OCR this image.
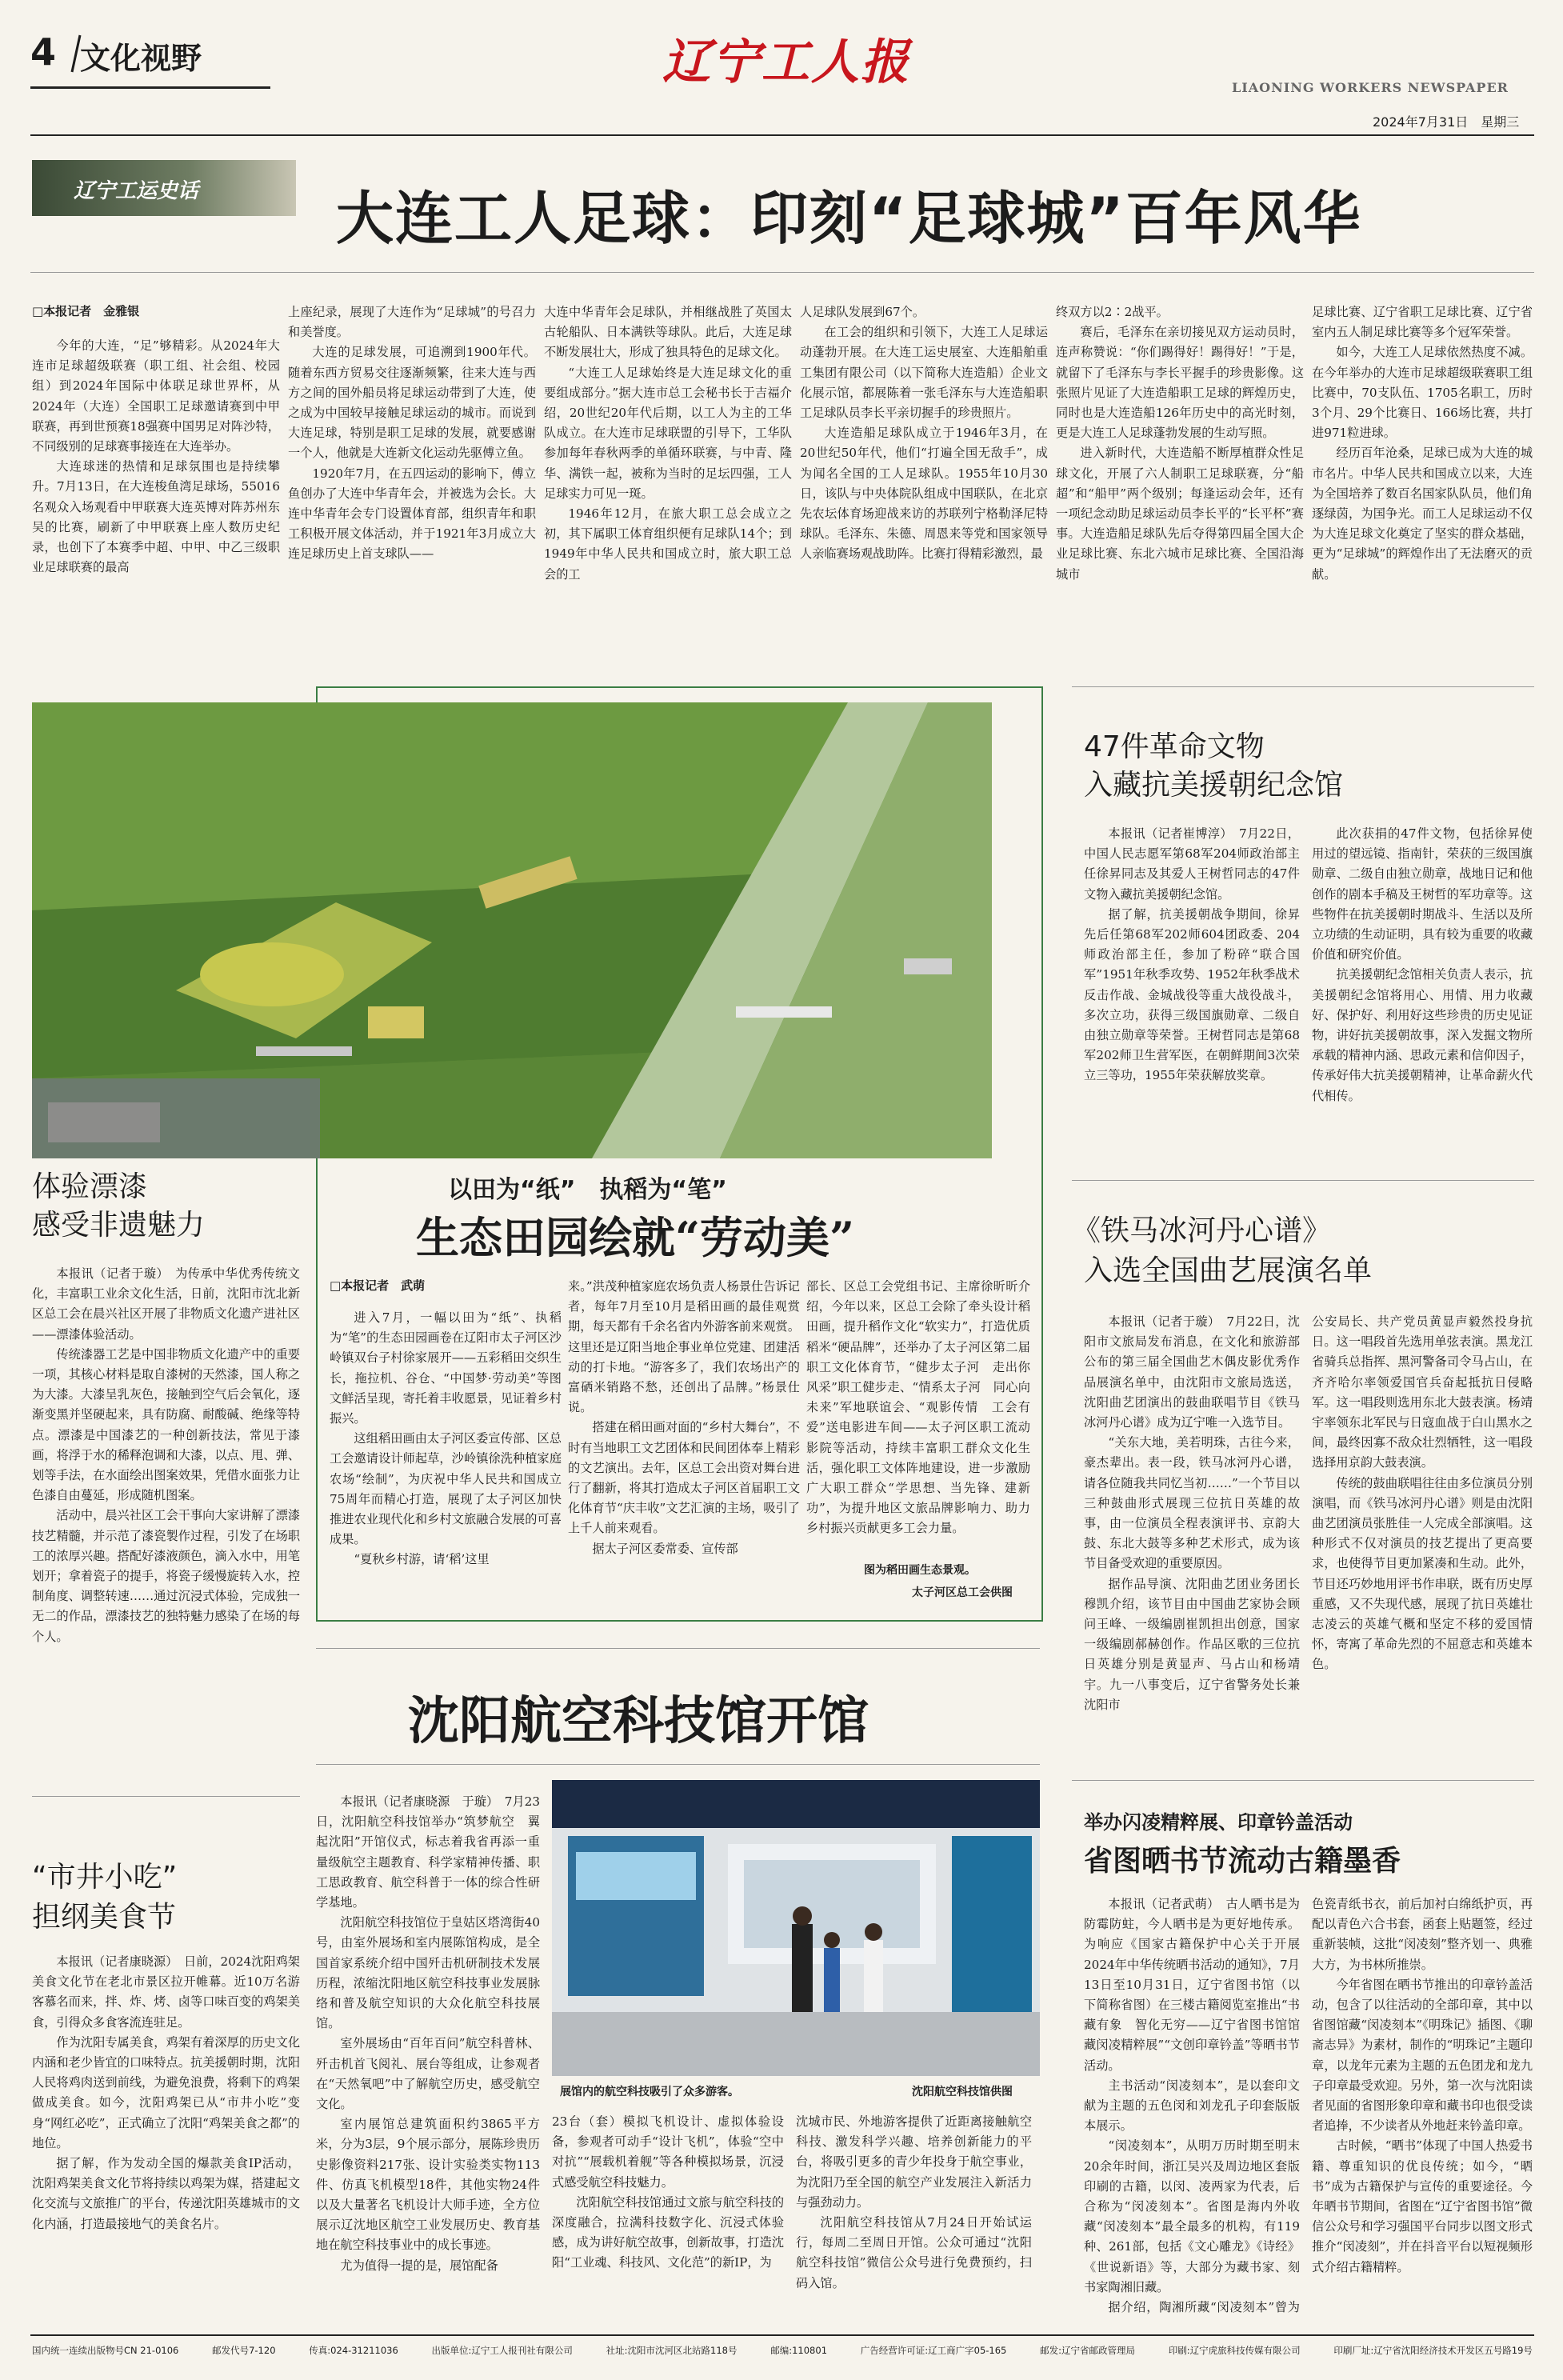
4 文化视野	辽宁工人报	LIAONING WORKERS NEWSPAPER
2024年7月31日　星期三
辽宁工运史话 大连工人足球：印刻“足球城”百年风华
□本报记者　金雅银

今年的大连，“足”够精彩。从2024年大连市足球超级联赛（职工组、社会组、校园组）到2024年国际中体联足球世界杯，从2024年（大连）全国职工足球邀请赛到中甲联赛，再到世预赛18强赛中国男足对阵沙特，不同级别的足球赛事接连在大连举办。

大连球迷的热情和足球氛围也是持续攀升。7月13日，在大连梭鱼湾足球场，55016名观众入场观看中甲联赛大连英博对阵苏州东吴的比赛，刷新了中甲联赛上座人数历史纪录，也创下了本赛季中超、中甲、中乙三级职业足球联赛的最高

上座纪录，展现了大连作为“足球城”的号召力和美誉度。

大连的足球发展，可追溯到1900年代。随着东西方贸易交往逐渐频繁，往来大连与西方之间的国外船员将足球运动带到了大连，使之成为中国较早接触足球运动的城市。而说到大连足球，特别是职工足球的发展，就要感谢一个人，他就是大连新文化运动先驱傅立鱼。

1920年7月，在五四运动的影响下，傅立鱼创办了大连中华青年会，并被选为会长。大连中华青年会专门设置体育部，组织青年和职工积极开展文体活动，并于1921年3月成立大连足球历史上首支球队——

大连中华青年会足球队，并相继战胜了英国太古轮船队、日本满铁等球队。此后，大连足球不断发展壮大，形成了独具特色的足球文化。

“大连工人足球始终是大连足球文化的重要组成部分。”据大连市总工会秘书长于吉福介绍，20世纪20年代后期，以工人为主的工华队成立。在大连市足球联盟的引导下，工华队参加每年春秋两季的单循环联赛，与中青、隆华、满铁一起，被称为当时的足坛四强，工人足球实力可见一斑。

1946年12月，在旅大职工总会成立之初，其下属职工体育组织便有足球队14个；到1949年中华人民共和国成立时，旅大职工总会的工

人足球队发展到67个。

在工会的组织和引领下，大连工人足球运动蓬勃开展。在大连工运史展室、大连船舶重工集团有限公司（以下简称大连造船）企业文化展示馆，都展陈着一张毛泽东与大连造船职工足球队员李长平亲切握手的珍贵照片。

大连造船足球队成立于1946年3月，在20世纪50年代，他们“打遍全国无敌手”，成为闻名全国的工人足球队。1955年10月30日，该队与中央体院队组成中国联队，在北京先农坛体育场迎战来访的苏联列宁格勒泽尼特球队。毛泽东、朱德、周恩来等党和国家领导人亲临赛场观战助阵。比赛打得精彩激烈，最

终双方以2∶2战平。

赛后，毛泽东在亲切接见双方运动员时，连声称赞说：“你们踢得好！踢得好！”于是，就留下了毛泽东与李长平握手的珍贵影像。这张照片见证了大连造船职工足球的辉煌历史，同时也是大连造船126年历史中的高光时刻，更是大连工人足球蓬勃发展的生动写照。

进入新时代，大连造船不断厚植群众性足球文化，开展了六人制职工足球联赛，分“船超”和“船甲”两个级别；每逢运动会年，还有一项纪念动助足球运动员李长平的“长平杯”赛事。大连造船足球队先后夺得第四届全国大企业足球比赛、东北六城市足球比赛、全国沿海城市

足球比赛、辽宁省职工足球比赛、辽宁省室内五人制足球比赛等多个冠军荣誉。

如今，大连工人足球依然热度不减。在今年举办的大连市足球超级联赛职工组比赛中，70支队伍、1705名职工，历时3个月、29个比赛日、166场比赛，共打进971粒进球。

经历百年沧桑，足球已成为大连的城市名片。中华人民共和国成立以来，大连为全国培养了数百名国家队队员，他们角逐绿茵，为国争光。而工人足球运动不仅为大连足球文化奠定了坚实的群众基础，更为“足球城”的辉煌作出了无法磨灭的贡献。

以田为“纸”　执稻为“笔”
生态田园绘就“劳动美”
□本报记者　武萌

进入7月，一幅以田为“纸”、执稻为“笔”的生态田园画卷在辽阳市太子河区沙岭镇双台子村徐家展开——五彩稻田交织生长，拖拉机、谷仓、“中国梦·劳动美”等图文鲜活呈现，寄托着丰收愿景，见证着乡村振兴。

这组稻田画由太子河区委宣传部、区总工会邀请设计师起草，沙岭镇徐洗种植家庭农场“绘制”，为庆祝中华人民共和国成立75周年而精心打造，展现了太子河区加快推进农业现代化和乡村文旅融合发展的可喜成果。

“夏秋乡村游，请‘稻’这里

来。”洪茂种植家庭农场负责人杨景仕告诉记者，每年7月至10月是稻田画的最佳观赏期，每天都有千余名省内外游客前来观赏。这里还是辽阳当地企事业单位党建、团建活动的打卡地。“游客多了，我们农场出产的富硒米销路不愁，还创出了品牌。”杨景仕说。

搭建在稻田画对面的“乡村大舞台”，不时有当地职工文艺团体和民间团体奉上精彩的文艺演出。去年，区总工会出资对舞台进行了翻新，将其打造成太子河区首届职工文化体育节“庆丰收”文艺汇演的主场，吸引了上千人前来观看。

据太子河区委常委、宣传部

部长、区总工会党组书记、主席徐昕昕介绍，今年以来，区总工会除了牵头设计稻田画，提升稻作文化“软实力”，打造优质稻米“硬品牌”，还举办了太子河区第二届职工文化体育节，“健步太子河　走出你风采”职工健步走、“情系太子河　同心向未来”军地联谊会、“观影传情　工会有爱”送电影进车间——太子河区职工流动影院等活动，持续丰富职工群众文化生活，强化职工文体阵地建设，进一步激励广大职工群众“学思想、当先锋、建新功”，为提升地区文旅品牌影响力、助力乡村振兴贡献更多工会力量。

图为稻田画生态景观。
太子河区总工会供图
47件革命文物
入藏抗美援朝纪念馆

本报讯（记者崔博淳）　7月22日，中国人民志愿军第68军204师政治部主任徐昇同志及其爱人王树哲同志的47件文物入藏抗美援朝纪念馆。

据了解，抗美援朝战争期间，徐昇先后任第68军202师604团政委、204师政治部主任，参加了粉碎“联合国军”1951年秋季攻势、1952年秋季战术反击作战、金城战役等重大战役战斗，多次立功，获得三级国旗勋章、二级自由独立勋章等荣誉。王树哲同志是第68军202师卫生营军医，在朝鲜期间3次荣立三等功，1955年荣获解放奖章。

此次获捐的47件文物，包括徐昇使用过的望远镜、指南针，荣获的三级国旗勋章、二级自由独立勋章，战地日记和他创作的剧本手稿及王树哲的军功章等。这些物件在抗美援朝时期战斗、生活以及所立功绩的生动证明，具有较为重要的收藏价值和研究价值。

抗美援朝纪念馆相关负责人表示，抗美援朝纪念馆将用心、用情、用力收藏好、保护好、利用好这些珍贵的历史见证物，讲好抗美援朝故事，深入发掘文物所承载的精神内涵、思政元素和信仰因子，传承好伟大抗美援朝精神，让革命薪火代代相传。

体验漂漆
感受非遗魅力

本报讯（记者于璇）　为传承中华优秀传统文化，丰富职工业余文化生活，日前，沈阳市沈北新区总工会在晨兴社区开展了非物质文化遗产进社区——漂漆体验活动。

传统漆器工艺是中国非物质文化遗产中的重要一项，其核心材料是取自漆树的天然漆，国人称之为大漆。大漆呈乳灰色，接触到空气后会氧化，逐渐变黑并坚硬起来，具有防腐、耐酸碱、绝缘等特点。漂漆是中国漆艺的一种创新技法，常见于漆画，将浮于水的稀释泡调和大漆，以点、甩、弹、划等手法，在水面绘出图案效果，凭借水面张力让色漆自由蔓延，形成随机图案。

活动中，晨兴社区工会干事向大家讲解了漂漆技艺精髓，并示范了漆瓷製作过程，引发了在场职工的浓厚兴趣。搭配好漆液颜色，滴入水中，用笔划开；拿着瓷子的提手，将瓷子缓慢旋转入水，控制角度、调整转速……通过沉浸式体验，完成独一无二的作品，漂漆技艺的独特魅力感染了在场的每个人。

《铁马冰河丹心谱》
入选全国曲艺展演名单

本报讯（记者于璇）　7月22日，沈阳市文旅局发布消息，在文化和旅游部公布的第三届全国曲艺木偶皮影优秀作品展演名单中，由沈阳市文旅局选送，沈阳曲艺团演出的鼓曲联唱节目《铁马冰河丹心谱》成为辽宁唯一入选节目。

“关东大地，美若明珠，古往今来，豪杰辈出。表一段，铁马冰河丹心谱，请各位随我共同忆当初……”一个节目以三种鼓曲形式展现三位抗日英雄的故事，由一位演员全程表演评书、京韵大鼓、东北大鼓等多种艺术形式，成为该节目备受欢迎的重要原因。

据作品导演、沈阳曲艺团业务团长穆凯介绍，该节目由中国曲艺家协会顾问王峰、一级编剧崔凯担出创意，国家一级编剧郝赫创作。作品区歌的三位抗日英雄分别是黄显声、马占山和杨靖宇。九一八事变后，辽宁省警务处长兼沈阳市

公安局长、共产党员黄显声毅然投身抗日。这一唱段首先选用单弦表演。黑龙江省骑兵总指挥、黑河警备司令马占山，在齐齐哈尔率领爱国官兵奋起抵抗日侵略军。这一唱段则选用东北大鼓表演。杨靖宇率领东北军民与日寇血战于白山黑水之间，最终因寡不敌众壮烈牺牲，这一唱段选择用京韵大鼓表演。

传统的鼓曲联唱往往由多位演员分别演唱，而《铁马冰河丹心谱》则是由沈阳曲艺团演员张胜佳一人完成全部演唱。这种形式不仅对演员的技艺提出了更高要求，也使得节目更加紧凑和生动。此外，节目还巧妙地用评书作串联，既有历史厚重感，又不失现代感，展现了抗日英雄壮志凌云的英雄气概和坚定不移的爱国情怀，寄寓了革命先烈的不屈意志和英雄本色。

沈阳航空科技馆开馆

本报讯（记者康晓源　于璇）　7月23日，沈阳航空科技馆举办“筑梦航空　翼起沈阳”开馆仪式，标志着我省再添一重量级航空主题教育、科学家精神传播、职工思政教育、航空科普于一体的综合性研学基地。

沈阳航空科技馆位于皇姑区塔湾街40号，由室外展场和室内展陈馆构成，是全国首家系统介绍中国歼击机研制技术发展历程，浓缩沈阳地区航空科技事业发展脉络和普及航空知识的大众化航空科技展馆。

室外展场由“百年百问”航空科普林、歼击机首飞阅礼、展台等组成，让参观者在“天然氧吧”中了解航空历史，感受航空文化。

室内展馆总建筑面积约3865平方米，分为3层，9个展示部分，展陈珍贵历史影像资料217张、设计实验类实物113件、仿真飞机模型18件，其他实物24件以及大量著名飞机设计大师手迹，全方位展示辽沈地区航空工业发展历史、教育基地在航空科技事业中的成长事迹。

尤为值得一提的是，展馆配备

展馆内的航空科技吸引了众多游客。	沈阳航空科技馆供图

23台（套）模拟飞机设计、虚拟体验设备，参观者可动手“设计飞机”，体验“空中对抗”“展载机着舰”等各种模拟场景，沉浸式感受航空科技魅力。

沈阳航空科技馆通过文旅与航空科技的深度融合，拉满科技数字化、沉浸式体验感，成为讲好航空故事，创新故事，打造沈阳“工业魂、科技风、文化范”的新IP，为

沈城市民、外地游客提供了近距离接触航空科技、激发科学兴趣、培养创新能力的平台，将吸引更多的青少年投身于航空事业，为沈阳乃至全国的航空产业发展注入新活力与强劲动力。

沈阳航空科技馆从7月24日开始试运行，每周二至周日开馆。公众可通过“沈阳航空科技馆”微信公众号进行免费预约，扫码入馆。

“市井小吃”
担纲美食节

本报讯（记者康晓源）　日前，2024沈阳鸡架美食文化节在老北市景区拉开帷幕。近10万名游客慕名而来，拌、炸、烤、卤等口味百变的鸡架美食，引得众多食客流连驻足。

作为沈阳专属美食，鸡架有着深厚的历史文化内涵和老少皆宜的口味特点。抗美援朝时期，沈阳人民将鸡肉送到前线，为避免浪费，将剩下的鸡架做成美食。如今，沈阳鸡架已从“市井小吃”变身“网红必吃”，正式确立了沈阳“鸡架美食之都”的地位。

据了解，作为发动全国的爆款美食IP活动，沈阳鸡架美食文化节将持续以鸡架为媒，搭建起文化交流与文旅推广的平台，传递沈阳英雄城市的文化内涵，打造最接地气的美食名片。

举办闪凌精粹展、印章钤盖活动
省图晒书节流动古籍墨香

本报讯（记者武萌）　古人晒书是为防霉防蛀，今人晒书是为更好地传承。为响应《国家古籍保护中心关于开展2024年中华传统晒书活动的通知》，7月13日至10月31日，辽宁省图书馆（以下简称省图）在三楼古籍阅览室推出“书藏有象　智化无穷——辽宁省图书馆馆藏闵凌精粹展”“文创印章钤盖”等晒书节活动。

主书活动“闵凌刻本”，是以套印文献为主题的五色闵和刘龙孔子印套版版本展示。

“闵凌刻本”，从明万历时期至明末20余年时间，浙江吴兴及周边地区套版印刷的古籍，以闵、凌两家为代表，后合称为“闵凌刻本”。省图是海内外收藏“闵凌刻本”最全最多的机构，有119种、261部，包括《文心雕龙》《诗经》《世说新语》等，大部分为藏书家、刻书家陶湘旧藏。

据介绍，陶湘所藏“闵凌刻本”曾为

色瓷青纸书衣，前后加衬白绵纸护页，再配以青色六合书套，函套上贴题签，经过重新装帧，这批“闵凌刻”整齐划一、典雅大方，为书林所推崇。

今年省图在晒书节推出的印章钤盖活动，包含了以往活动的全部印章，其中以省图馆藏“闵凌刻本”《明珠记》插图、《聊斋志异》为素材，制作的“明珠记”主题印章，以龙年元素为主题的五色团龙和龙九子印章最受欢迎。另外，第一次与沈阳读者见面的省图形象印章和藏书印也很受读者追捧，不少读者从外地赶来钤盖印章。

古时候，“晒书”体现了中国人热爱书籍、尊重知识的优良传统；如今，“晒书”成为古籍保护与宣传的重要途径。今年晒书节期间，省图在“辽宁省图书馆”微信公众号和学习强国平台同步以图文形式推介“闵凌刻”，并在抖音平台以短视频形式介绍古籍精粹。

国内统一连续出版物号CN 21-0106	邮发代号7-120	传真:024-31211036	出版单位:辽宁工人报刊社有限公司	社址:沈阳市沈河区北站路118号	邮编:110801	广告经营许可证:辽工商广字05-165	邮发:辽宁省邮政管理局	印刷:辽宁虎旅科技传媒有限公司	印刷厂址:辽宁省沈阳经济技术开发区五号路19号
